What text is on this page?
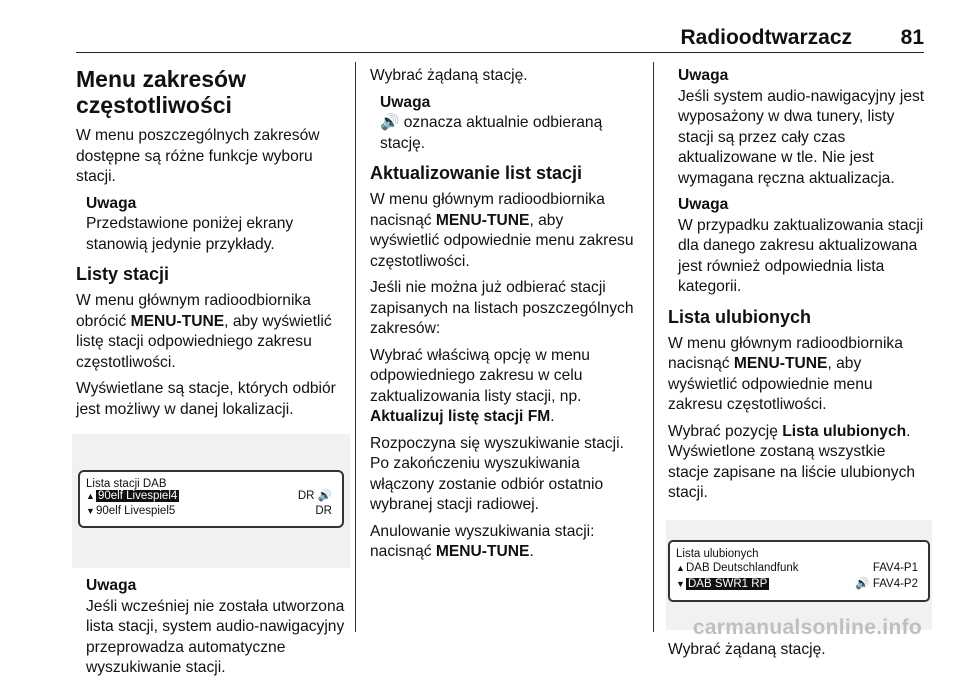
Radioodtwarzacz 81
Menu zakresów częstotliwości

W menu poszczególnych zakresów dostępne są różne funkcje wyboru stacji.

Uwaga
Przedstawione poniżej ekrany stanowią jedynie przykłady.
Listy stacji

W menu głównym radioodbiornika obrócić MENU-TUNE, aby wyświetlić listę stacji odpowiedniego zakresu częstotliwości.

Wyświetlane są stacje, których odbiór jest możliwy w danej lokalizacji.

Lista stacji DAB
▲ 90elf Livespiel4	DR 🔊
▼90elf Livespiel5	DR
Uwaga
Jeśli wcześniej nie została utworzona lista stacji, system audio-nawigacyjny przeprowadza automatyczne wyszukiwanie stacji.

Wybrać żądaną stację.

Uwaga
🔊 oznacza aktualnie odbieraną stację.
Aktualizowanie list stacji

W menu głównym radioodbiornika nacisnąć MENU-TUNE, aby wyświetlić odpowiednie menu zakresu częstotliwości.

Jeśli nie można już odbierać stacji zapisanych na listach poszczególnych zakresów:

Wybrać właściwą opcję w menu odpowiedniego zakresu w celu zaktualizowania listy stacji, np. Aktualizuj listę stacji FM.

Rozpoczyna się wyszukiwanie stacji. Po zakończeniu wyszukiwania włączony zostanie odbiór ostatnio wybranej stacji radiowej.

Anulowanie wyszukiwania stacji: nacisnąć MENU-TUNE.

Uwaga
Jeśli system audio-nawigacyjny jest wyposażony w dwa tunery, listy stacji są przez cały czas aktualizowane w tle. Nie jest wymagana ręczna aktualizacja.
Uwaga
W przypadku zaktualizowania stacji dla danego zakresu aktualizowana jest również odpowiednia lista kategorii.
Lista ulubionych

W menu głównym radioodbiornika nacisnąć MENU-TUNE, aby wyświetlić odpowiednie menu zakresu częstotliwości.

Wybrać pozycję Lista ulubionych. Wyświetlone zostaną wszystkie stacje zapisane na liście ulubionych stacji.

Lista ulubionych
▲DAB Deutschlandfunk	FAV4-P1
▼ DAB SWR1 RP	🔊 FAV4-P2

Wybrać żądaną stację.

carmanualsonline.info
